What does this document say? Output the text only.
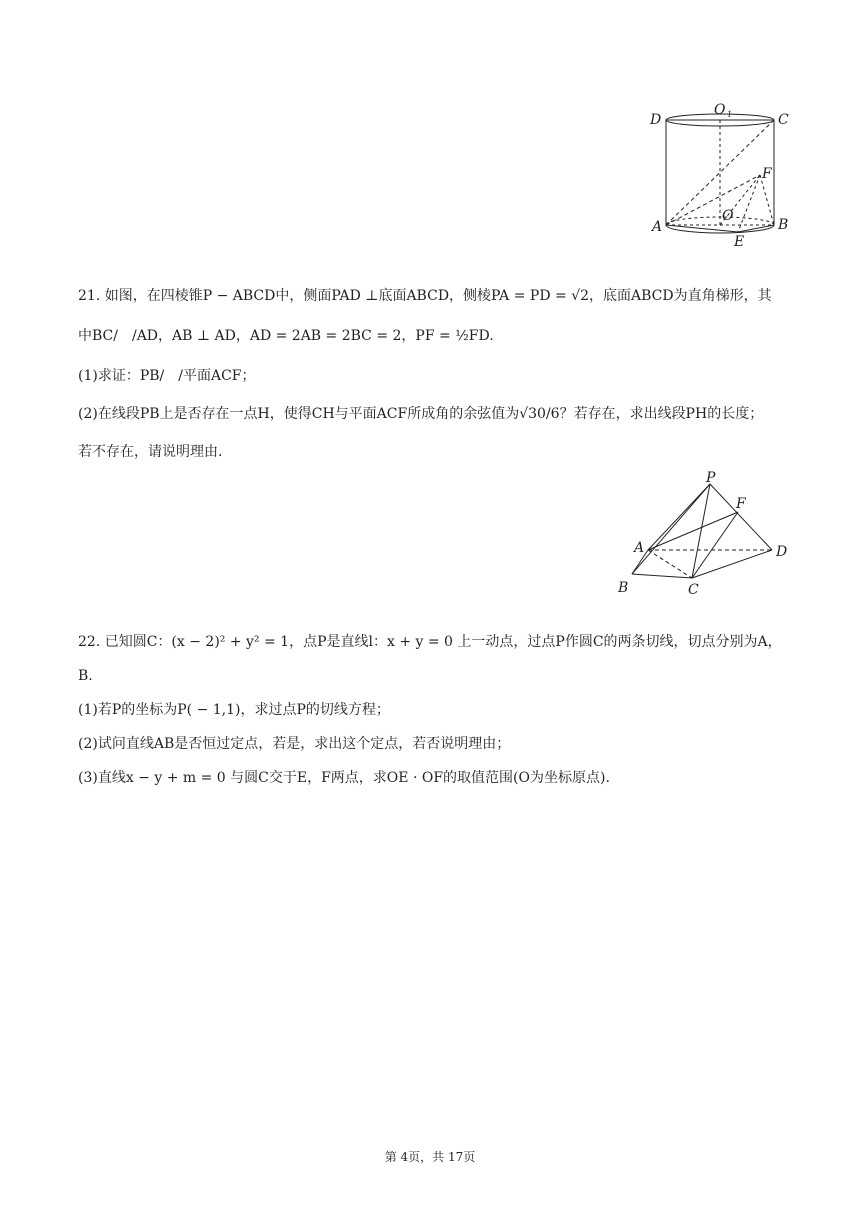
D
O 1	C
F
O
A	B
E
21. 如图，在四棱锥P − ABCD中，侧面PAD ⊥底面ABCD，侧棱PA = PD = √2，底面ABCD为直角梯形，其
中BC/　/AD，AB ⊥ AD，AD = 2AB = 2BC = 2，PF = ½FD.
(1)求证：PB/　/平面ACF；
(2)在线段PB上是否存在一点H，使得CH与平面ACF所成角的余弦值为√30/6？若存在，求出线段PH的长度；
若不存在，请说明理由.
P
F
A	D
B	C
22. 已知圆C：(x − 2)² + y² = 1，点P是直线l：x + y = 0 上一动点，过点P作圆C的两条切线，切点分别为A，
B.
(1)若P的坐标为P( − 1,1)，求过点P的切线方程；
(2)试问直线AB是否恒过定点，若是，求出这个定点，若否说明理由；
(3)直线x − y + m = 0 与圆C交于E，F两点，求OE · OF的取值范围(O为坐标原点).
第 4页，共 17页
